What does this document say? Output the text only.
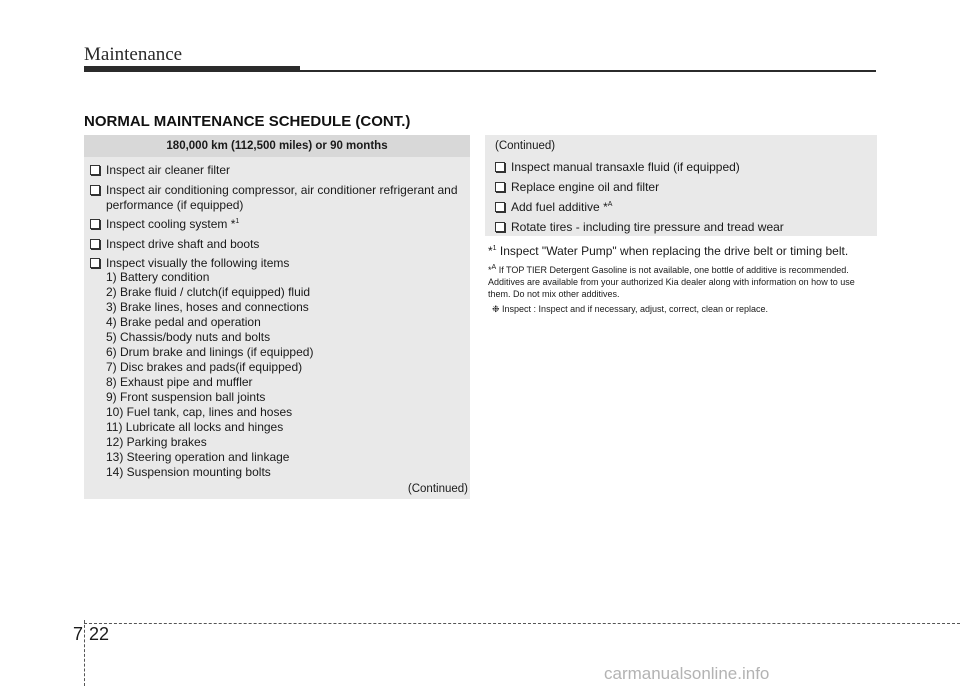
Maintenance
NORMAL MAINTENANCE SCHEDULE (CONT.)
180,000 km (112,500 miles) or 90 months
Inspect air cleaner filter
Inspect air conditioning compressor, air conditioner refrigerant and
performance (if equipped)
Inspect cooling system *$^1$
Inspect drive shaft and boots
Inspect visually the following items
1) Battery condition
2) Brake fluid / clutch(if equipped) fluid
3) Brake lines, hoses and connections
4) Brake pedal and operation
5) Chassis/body nuts and bolts
6) Drum brake and linings (if equipped)
7) Disc brakes and pads(if equipped)
8) Exhaust pipe and muffler
9) Front suspension ball joints
10) Fuel tank, cap, lines and hoses
11) Lubricate all locks and hinges
12) Parking brakes
13) Steering operation and linkage
14) Suspension mounting bolts
(Continued)
(Continued)
Inspect manual transaxle fluid (if equipped)
Replace engine oil and filter
Add fuel additive *$^A$
Rotate tires - including tire pressure and tread wear
*$^1$ Inspect "Water Pump" when replacing the drive belt or timing belt.
*$^A$ If TOP TIER Detergent Gasoline is not available, one bottle of additive is recommended. Additives are available from your authorized Kia dealer along with information on how to use them. Do not mix other additives.
❉ Inspect : Inspect and if necessary, adjust, correct, clean or replace.
7 22
carmanualsonline.info
